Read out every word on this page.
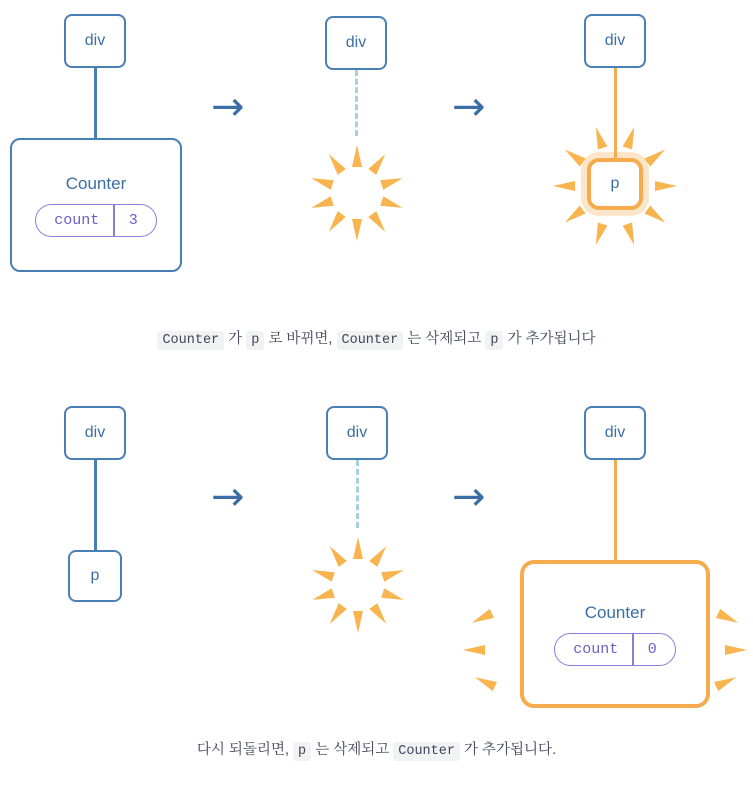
div
Counter
count	3
→
div
→
div
p
Counter 가 p 로 바뀌면, Counter 는 삭제되고 p 가 추가됩니다
div
p
→
div
→
div
Counter
count	0
다시 되돌리면, p 는 삭제되고 Counter 가 추가됩니다.
